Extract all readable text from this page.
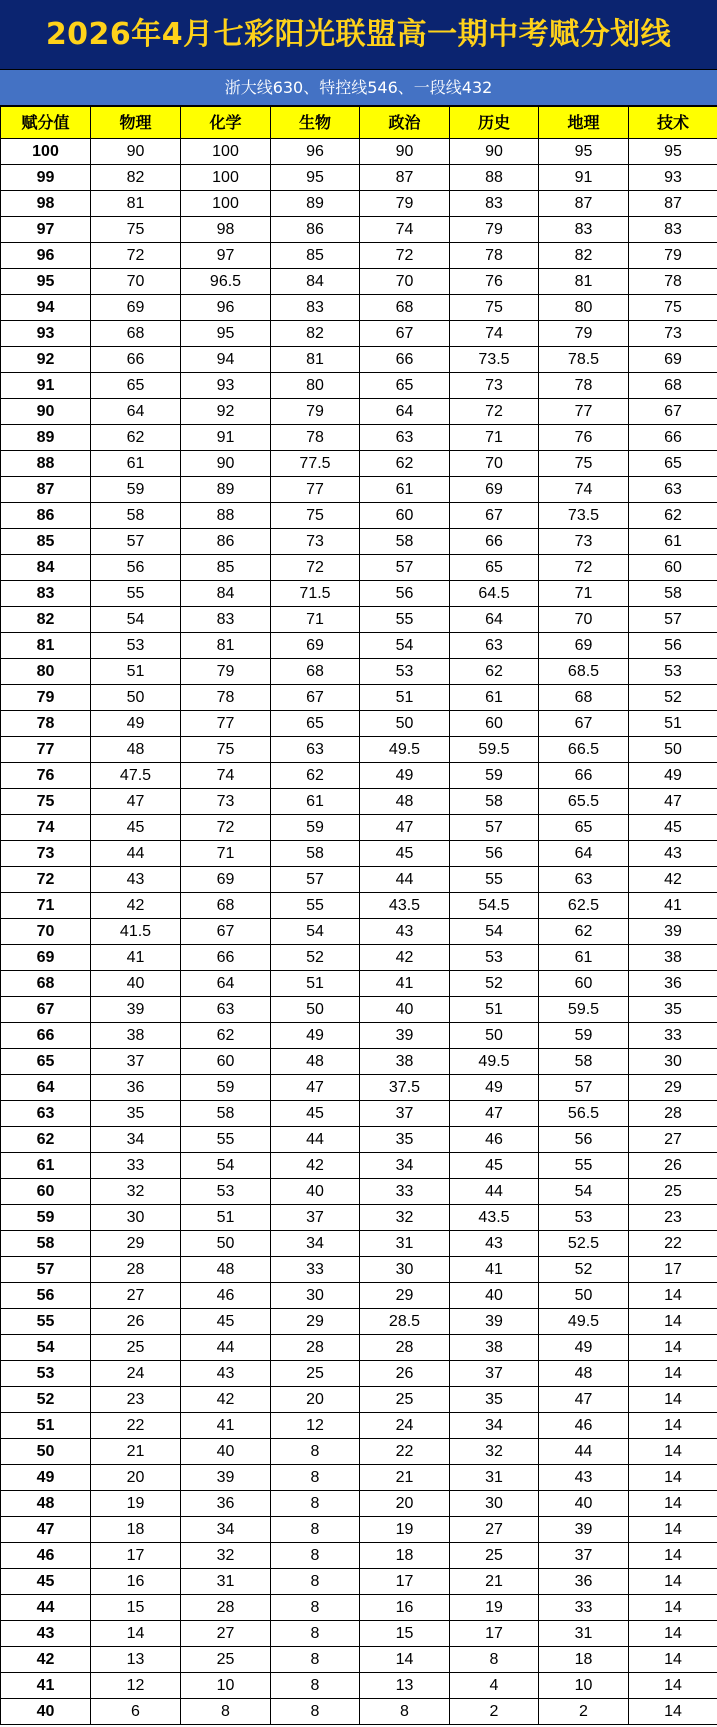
2026年4月七彩阳光联盟高一期中考赋分划线
浙大线630、特控线546、一段线432
赋分值	物理	化学	生物	政治	历史	地理	技术
100	90	100	96	90	90	95	95
99	82	100	95	87	88	91	93
98	81	100	89	79	83	87	87
97	75	98	86	74	79	83	83
96	72	97	85	72	78	82	79
95	70	96.5	84	70	76	81	78
94	69	96	83	68	75	80	75
93	68	95	82	67	74	79	73
92	66	94	81	66	73.5	78.5	69
91	65	93	80	65	73	78	68
90	64	92	79	64	72	77	67
89	62	91	78	63	71	76	66
88	61	90	77.5	62	70	75	65
87	59	89	77	61	69	74	63
86	58	88	75	60	67	73.5	62
85	57	86	73	58	66	73	61
84	56	85	72	57	65	72	60
83	55	84	71.5	56	64.5	71	58
82	54	83	71	55	64	70	57
81	53	81	69	54	63	69	56
80	51	79	68	53	62	68.5	53
79	50	78	67	51	61	68	52
78	49	77	65	50	60	67	51
77	48	75	63	49.5	59.5	66.5	50
76	47.5	74	62	49	59	66	49
75	47	73	61	48	58	65.5	47
74	45	72	59	47	57	65	45
73	44	71	58	45	56	64	43
72	43	69	57	44	55	63	42
71	42	68	55	43.5	54.5	62.5	41
70	41.5	67	54	43	54	62	39
69	41	66	52	42	53	61	38
68	40	64	51	41	52	60	36
67	39	63	50	40	51	59.5	35
66	38	62	49	39	50	59	33
65	37	60	48	38	49.5	58	30
64	36	59	47	37.5	49	57	29
63	35	58	45	37	47	56.5	28
62	34	55	44	35	46	56	27
61	33	54	42	34	45	55	26
60	32	53	40	33	44	54	25
59	30	51	37	32	43.5	53	23
58	29	50	34	31	43	52.5	22
57	28	48	33	30	41	52	17
56	27	46	30	29	40	50	14
55	26	45	29	28.5	39	49.5	14
54	25	44	28	28	38	49	14
53	24	43	25	26	37	48	14
52	23	42	20	25	35	47	14
51	22	41	12	24	34	46	14
50	21	40	8	22	32	44	14
49	20	39	8	21	31	43	14
48	19	36	8	20	30	40	14
47	18	34	8	19	27	39	14
46	17	32	8	18	25	37	14
45	16	31	8	17	21	36	14
44	15	28	8	16	19	33	14
43	14	27	8	15	17	31	14
42	13	25	8	14	8	18	14
41	12	10	8	13	4	10	14
40	6	8	8	8	2	2	14
